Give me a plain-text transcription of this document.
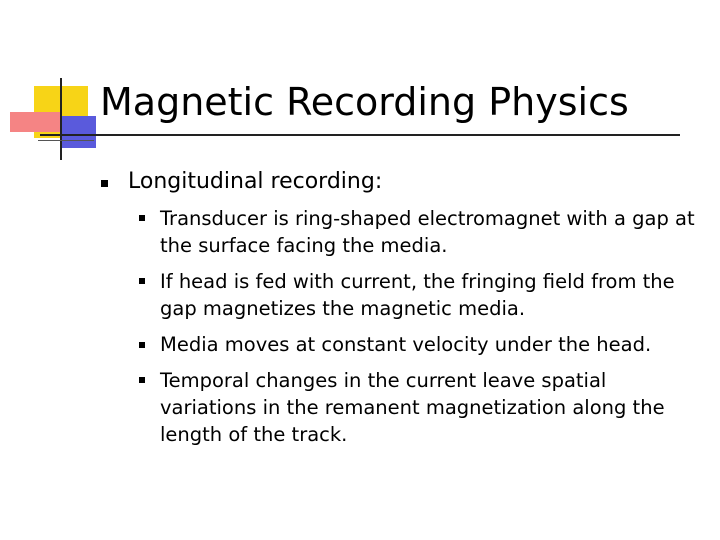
Magnetic Recording Physics
Longitudinal recording:
Transducer is ring-shaped electromagnet with a gap at the surface facing the media.
If head is fed with current, the fringing field from the gap magnetizes the magnetic media.
Media moves at constant velocity under the head.
Temporal changes in the current leave spatial variations in the remanent magnetization along the length of the track.
